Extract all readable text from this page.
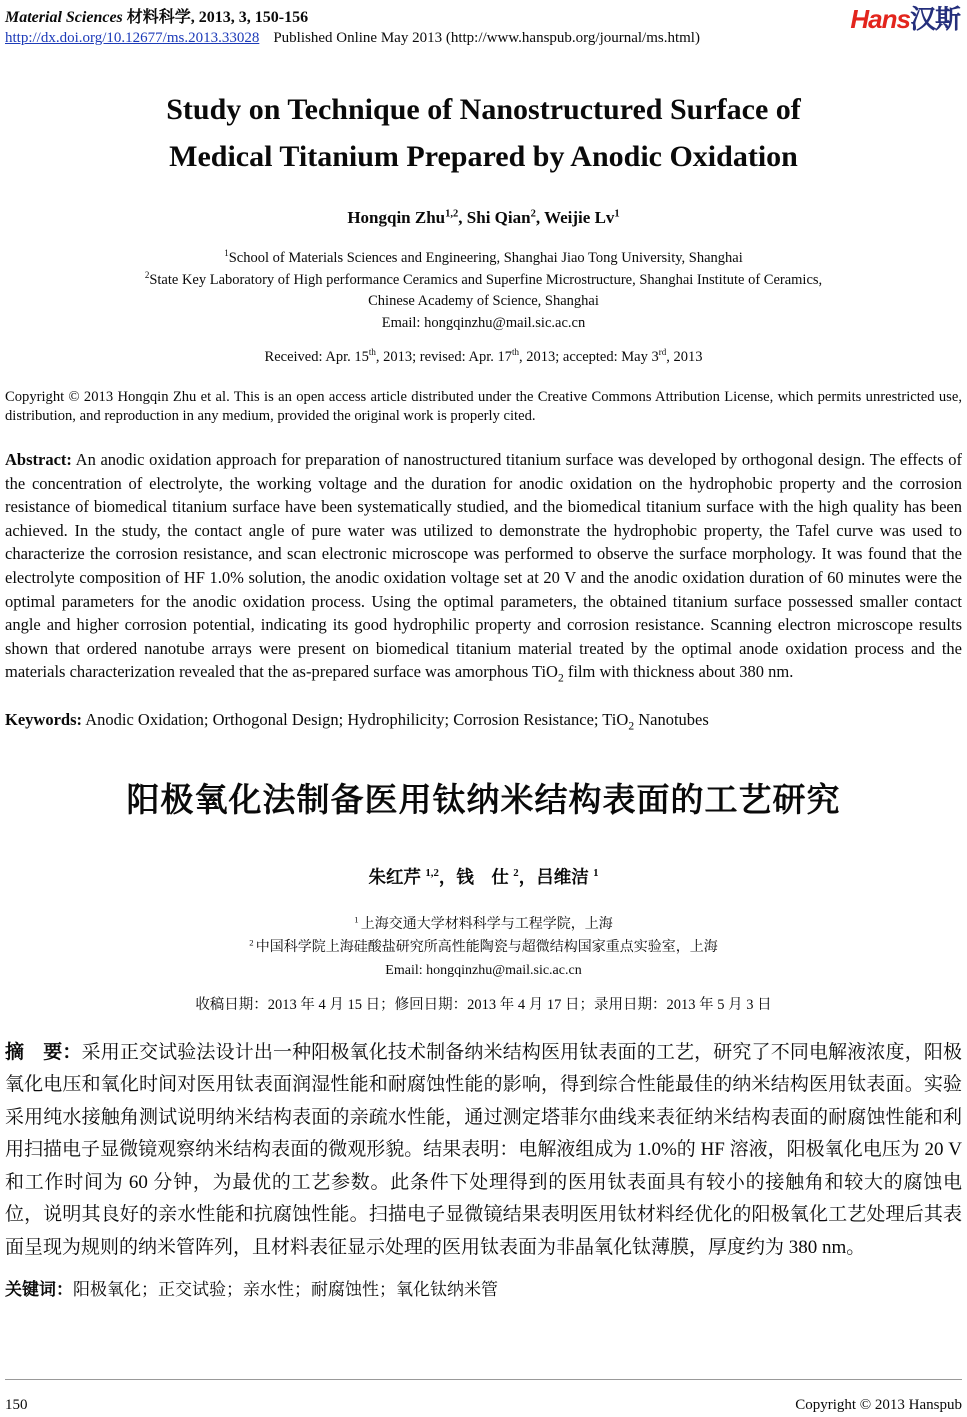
Material Sciences 材料科学, 2013, 3, 150-156
http://dx.doi.org/10.12677/ms.2013.33028 Published Online May 2013 (http://www.hanspub.org/journal/ms.html)
Hans汉斯
Study on Technique of Nanostructured Surface of
Medical Titanium Prepared by Anodic Oxidation
Hongqin Zhu$^{1,2}$, Shi Qian$^2$, Weijie Lv$^1$
$^1$School of Materials Sciences and Engineering, Shanghai Jiao Tong University, Shanghai
$^2$State Key Laboratory of High performance Ceramics and Superfine Microstructure, Shanghai Institute of Ceramics,
Chinese Academy of Science, Shanghai
Email: hongqinzhu@mail.sic.ac.cn
Received: Apr. 15th, 2013; revised: Apr. 17th, 2013; accepted: May 3rd, 2013
Copyright © 2013 Hongqin Zhu et al. This is an open access article distributed under the Creative Commons Attribution License, which permits unrestricted use, distribution, and reproduction in any medium, provided the original work is properly cited.
Abstract: An anodic oxidation approach for preparation of nanostructured titanium surface was developed by orthogonal design. The effects of the concentration of electrolyte, the working voltage and the duration for anodic oxidation on the hydrophobic property and the corrosion resistance of biomedical titanium surface have been systematically studied, and the biomedical titanium surface with the high quality has been achieved. In the study, the contact angle of pure water was utilized to demonstrate the hydrophobic property, the Tafel curve was used to characterize the corrosion resistance, and scan electronic microscope was performed to observe the surface morphology. It was found that the electrolyte composition of HF 1.0% solution, the anodic oxidation voltage set at 20 V and the anodic oxidation duration of 60 minutes were the optimal parameters for the anodic oxidation process. Using the optimal parameters, the obtained titanium surface possessed smaller contact angle and higher corrosion potential, indicating its good hydrophilic property and corrosion resistance. Scanning electron microscope results shown that ordered nanotube arrays were present on biomedical titanium material treated by the optimal anode oxidation process and the materials characterization revealed that the as-prepared surface was amorphous TiO$_2$ film with thickness about 380 nm.
Keywords: Anodic Oxidation; Orthogonal Design; Hydrophilicity; Corrosion Resistance; TiO$_2$ Nanotubes
阳极氧化法制备医用钛纳米结构表面的工艺研究
朱红芹 $^{1,2}$，钱　仕 $^2$，吕维洁 $^1$
$^1$ 上海交通大学材料科学与工程学院，上海
$^2$ 中国科学院上海硅酸盐研究所高性能陶瓷与超微结构国家重点实验室，上海
Email: hongqinzhu@mail.sic.ac.cn
收稿日期：2013 年 4 月 15 日；修回日期：2013 年 4 月 17 日；录用日期：2013 年 5 月 3 日
摘　要：采用正交试验法设计出一种阳极氧化技术制备纳米结构医用钛表面的工艺，研究了不同电解液浓度，阳极氧化电压和氧化时间对医用钛表面润湿性能和耐腐蚀性能的影响，得到综合性能最佳的纳米结构医用钛表面。实验采用纯水接触角测试说明纳米结构表面的亲疏水性能，通过测定塔菲尔曲线来表征纳米结构表面的耐腐蚀性能和利用扫描电子显微镜观察纳米结构表面的微观形貌。结果表明：电解液组成为 1.0%的 HF 溶液，阳极氧化电压为 20 V 和工作时间为 60 分钟，为最优的工艺参数。此条件下处理得到的医用钛表面具有较小的接触角和较大的腐蚀电位，说明其良好的亲水性能和抗腐蚀性能。扫描电子显微镜结果表明医用钛材料经优化的阳极氧化工艺处理后其表面呈现为规则的纳米管阵列，且材料表征显示处理的医用钛表面为非晶氧化钛薄膜，厚度约为 380 nm。
关键词：阳极氧化；正交试验；亲水性；耐腐蚀性；氧化钛纳米管
150	Copyright © 2013 Hanspub
